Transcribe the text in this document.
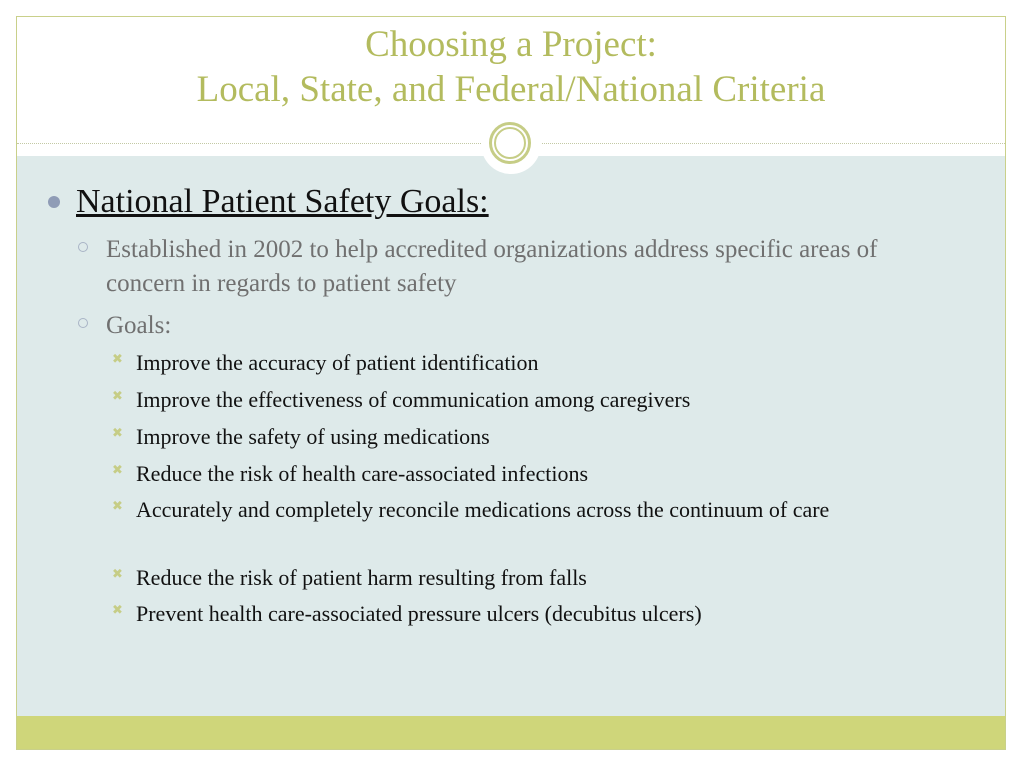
Choosing a Project:
Local, State, and Federal/National Criteria
National Patient Safety Goals:
Established in 2002 to help accredited organizations address specific areas of concern in regards to patient safety
Goals:
✖ Improve the accuracy of patient identification
✖ Improve the effectiveness of communication among caregivers
✖ Improve the safety of using medications
✖ Reduce the risk of health care-associated infections
✖ Accurately and completely reconcile medications across the continuum of care
✖ Reduce the risk of patient harm resulting from falls
✖ Prevent health care-associated pressure ulcers (decubitus ulcers)
